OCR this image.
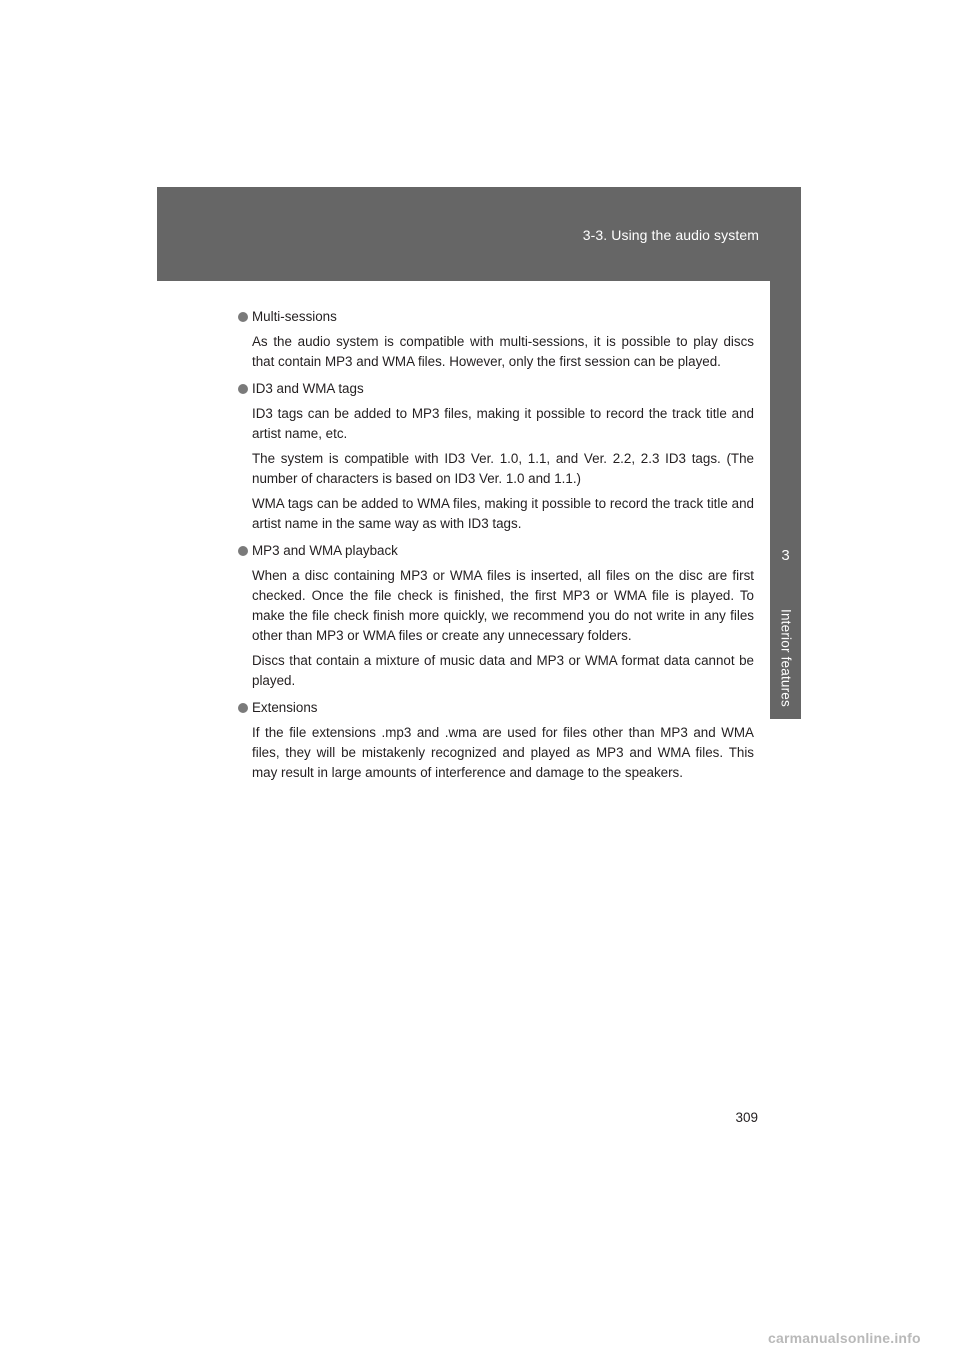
3-3. Using the audio system
3
Interior features
Multi-sessions

As the audio system is compatible with multi-sessions, it is possible to play discs that contain MP3 and WMA files. However, only the first session can be played.

ID3 and WMA tags

ID3 tags can be added to MP3 files, making it possible to record the track title and artist name, etc.

The system is compatible with ID3 Ver. 1.0, 1.1, and Ver. 2.2, 2.3 ID3 tags. (The number of characters is based on ID3 Ver. 1.0 and 1.1.)

WMA tags can be added to WMA files, making it possible to record the track title and artist name in the same way as with ID3 tags.

MP3 and WMA playback

When a disc containing MP3 or WMA files is inserted, all files on the disc are first checked. Once the file check is finished, the first MP3 or WMA file is played. To make the file check finish more quickly, we recommend you do not write in any files other than MP3 or WMA files or create any unnecessary folders.

Discs that contain a mixture of music data and MP3 or WMA format data cannot be played.

Extensions

If the file extensions .mp3 and .wma are used for files other than MP3 and WMA files, they will be mistakenly recognized and played as MP3 and WMA files. This may result in large amounts of interference and damage to the speakers.

309
carmanualsonline.info
